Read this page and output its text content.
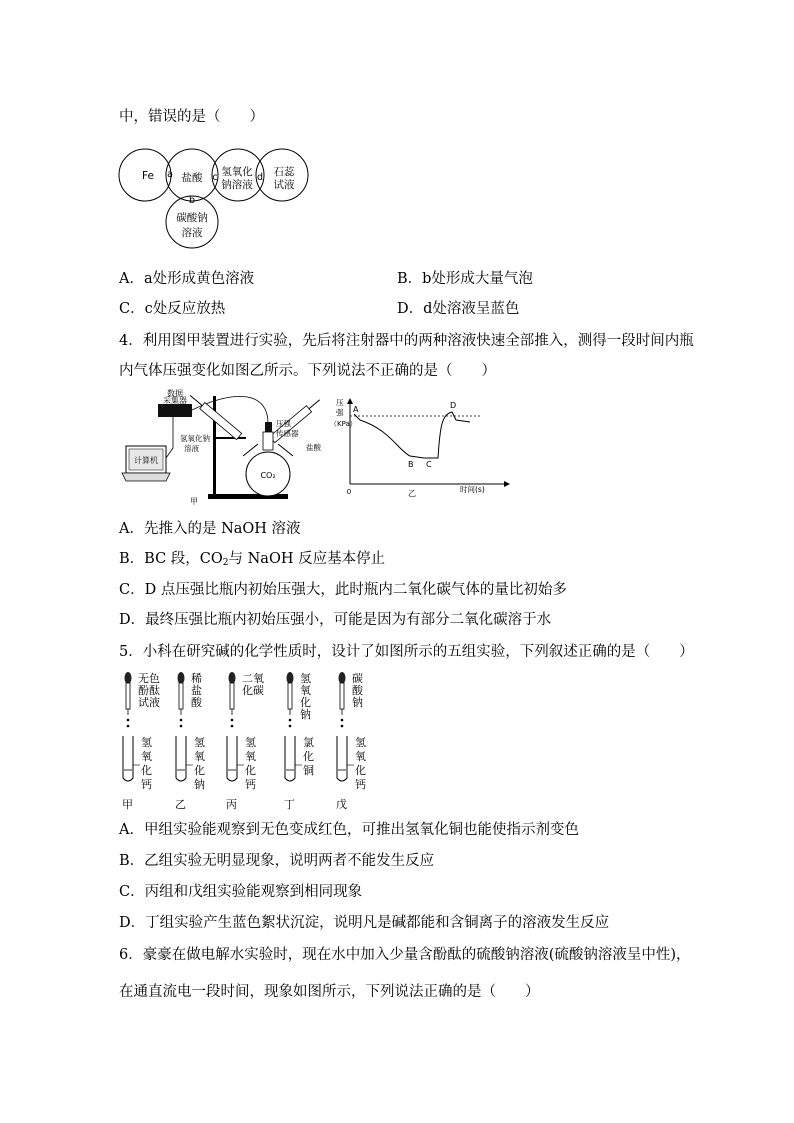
中，错误的是（　　）
Fe	盐酸 氢氧化
钠溶液
石蕊
试液
碳酸钠
溶液
a
b
c	d
A．a处形成黄色溶液	B．b处形成大量气泡
C．c处反应放热	D．d处溶液呈蓝色
4．利用图甲装置进行实验，先后将注射器中的两种溶液快速全部推入，测得一段时间内瓶
内气体压强变化如图乙所示。下列说法不正确的是（　　）
数据
采集器
计算机
氢氧化钠
溶液	盐酸
压强
传感器
CO₂
甲
压
强
（KPa）
0	时间(s)
A
B C
D
乙
A．先推入的是 NaOH 溶液
B．BC 段，$CO_2$与 NaOH 反应基本停止
C．D 点压强比瓶内初始压强大，此时瓶内二氧化碳气体的量比初始多
D．最终压强比瓶内初始压强小，可能是因为有部分二氧化碳溶于水
5．小科在研究碱的化学性质时，设计了如图所示的五组实验，下列叙述正确的是（　　）
无色
酚酞
试液
氢
氧
化
钙
甲
稀
盐
酸
氢
氧
化
钠
乙
二氧
化碳
氢
氧
化
钙
丙
氢
氧
化
钠
氯
化
铜
丁
碳
酸
钠
氢
氧
化
钙
戊
A．甲组实验能观察到无色变成红色，可推出氢氧化铜也能使指示剂变色
B．乙组实验无明显现象，说明两者不能发生反应
C．丙组和戊组实验能观察到相同现象
D．丁组实验产生蓝色絮状沉淀，说明凡是碱都能和含铜离子的溶液发生反应
6．豪豪在做电解水实验时，现在水中加入少量含酚酞的硫酸钠溶液(硫酸钠溶液呈中性)，
在通直流电一段时间，现象如图所示，下列说法正确的是（　　）
